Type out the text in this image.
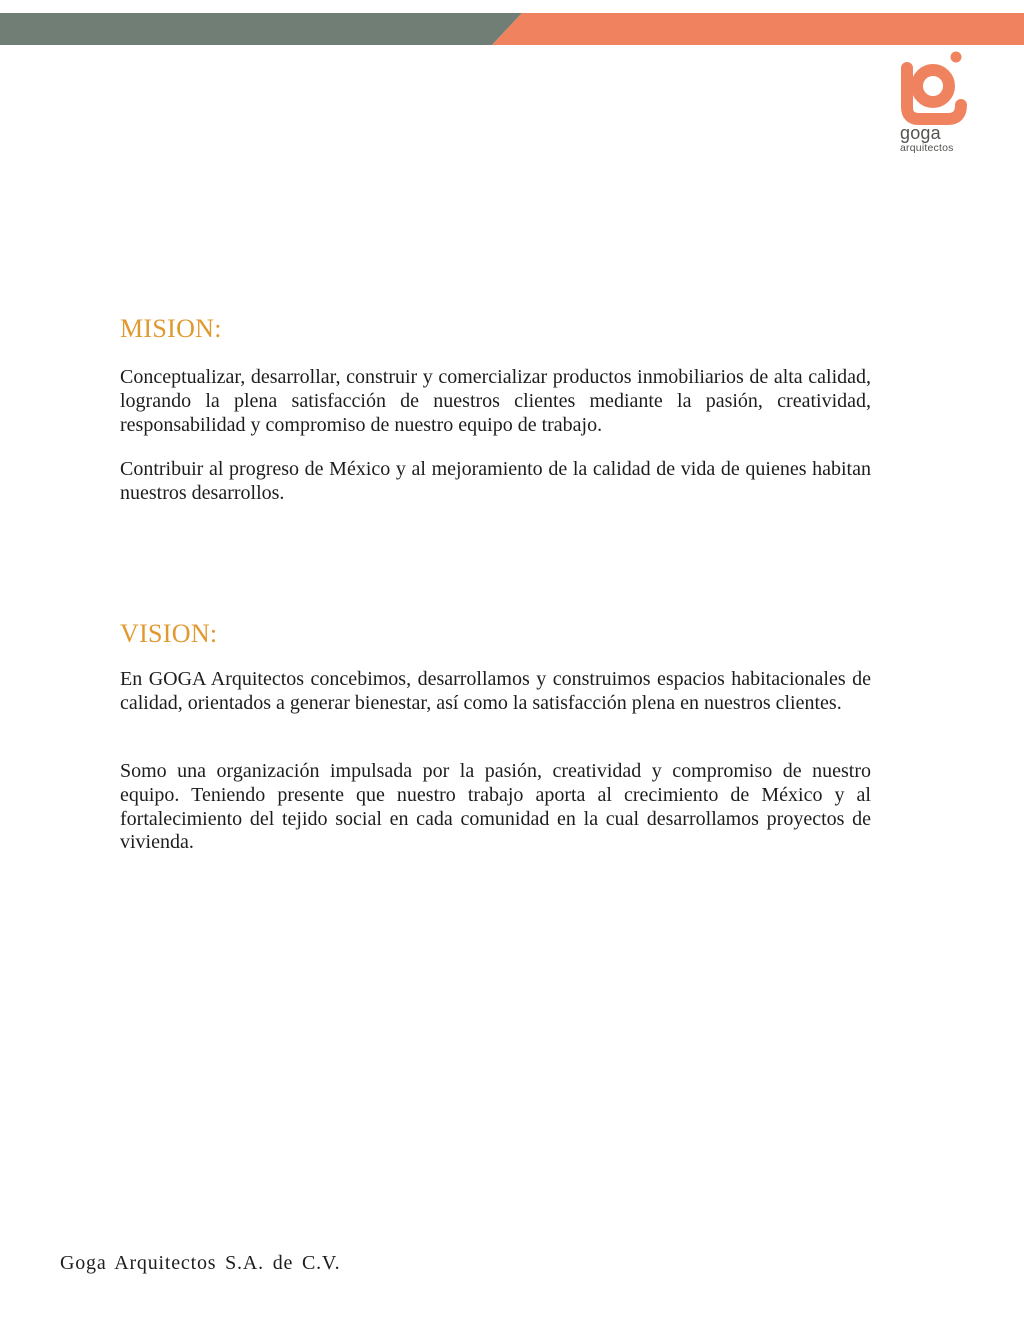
goga
arquitectos
MISION:

Conceptualizar, desarrollar, construir y comercializar productos inmobiliarios de alta calidad, logrando la plena satisfacción de nuestros clientes mediante la pasión, creatividad, responsabilidad y compromiso de nuestro equipo de trabajo.

Contribuir al progreso de México y al mejoramiento de la calidad de vida de quienes habitan nuestros desarrollos.

VISION:

En GOGA Arquitectos concebimos, desarrollamos y construimos espacios habitacionales de calidad, orientados a generar bienestar, así como la satisfacción plena en nuestros clientes.

Somo una organización impulsada por la pasión, creatividad y compromiso de nuestro equipo. Teniendo presente que nuestro trabajo aporta al crecimiento de México y al fortalecimiento del tejido social en cada comunidad en la cual desarrollamos proyectos de vivienda.

Goga Arquitectos S.A. de C.V.
